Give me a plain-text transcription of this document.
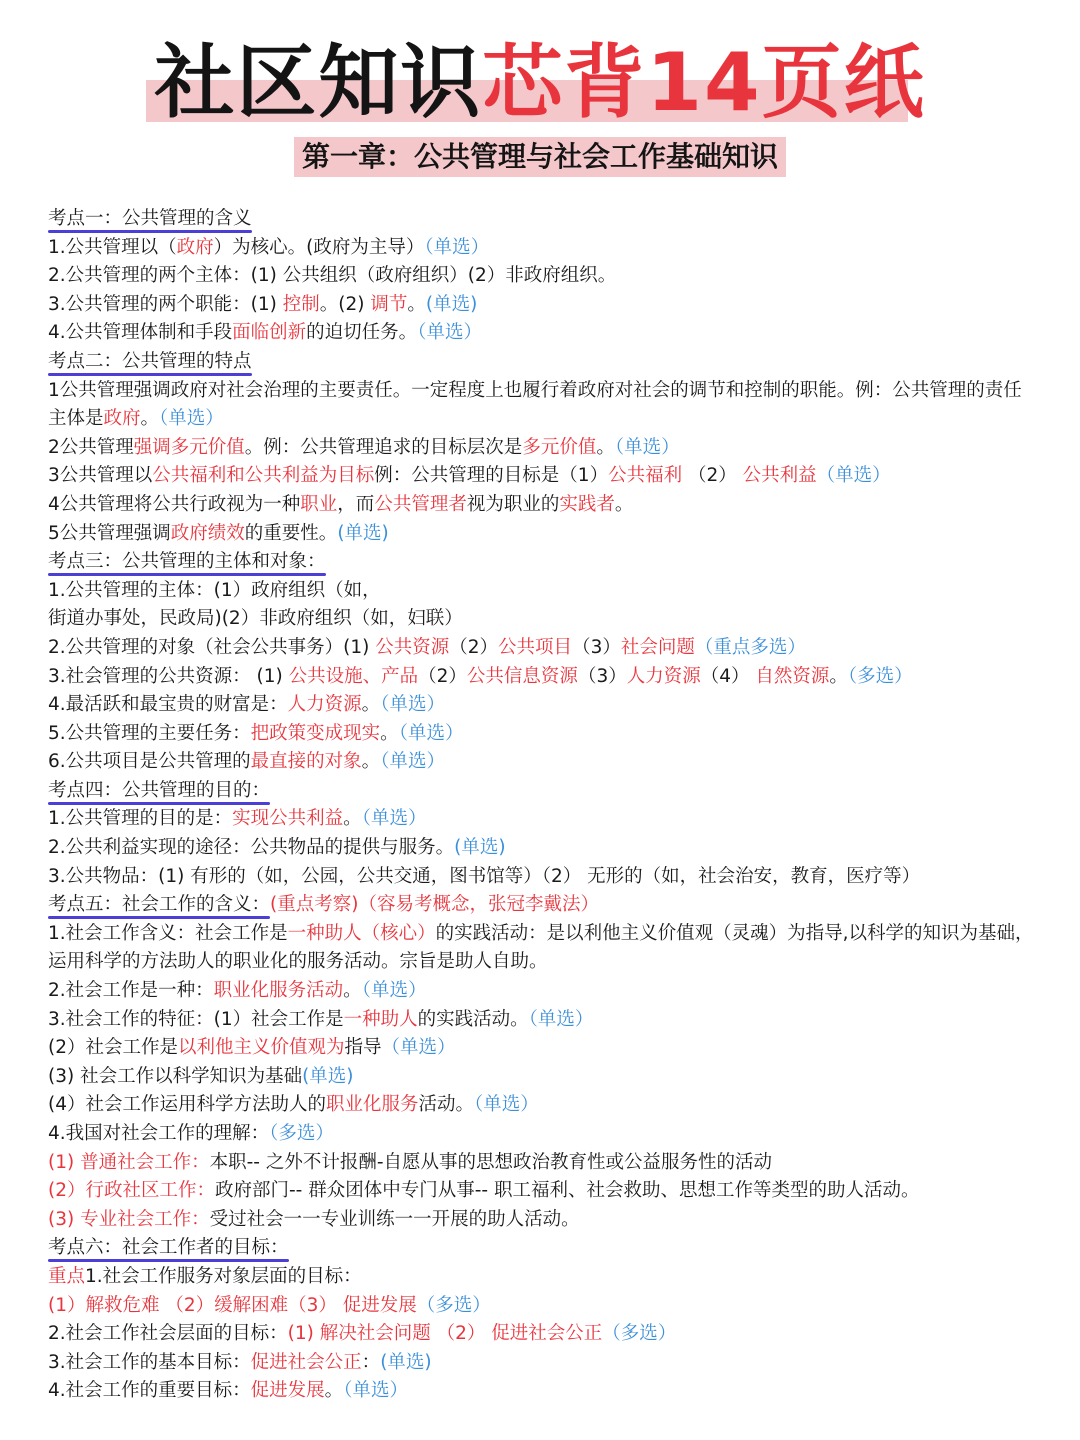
社区知识芯背14页纸
第一章：公共管理与社会工作基础知识
考点一：公共管理的含义
1.公共管理以（政府）为核心。(政府为主导）（单选）
2.公共管理的两个主体：(1) 公共组织（政府组织）(2）非政府组织。
3.公共管理的两个职能：(1) 控制。(2) 调节。(单选)
4.公共管理体制和手段面临创新的迫切任务。（单选）
考点二：公共管理的特点
1公共管理强调政府对社会治理的主要责任。一定程度上也履行着政府对社会的调节和控制的职能。例：公共管理的责任主体是政府。（单选）
2公共管理强调多元价值。例：公共管理追求的目标层次是多元价值。（单选）
3公共管理以公共福利和公共利益为目标例：公共管理的目标是（1）公共福利 （2） 公共利益（单选）
4公共管理将公共行政视为一种职业，而公共管理者视为职业的实践者。
5公共管理强调政府绩效的重要性。(单选)
考点三：公共管理的主体和对象：
1.公共管理的主体：(1）政府组织（如，
街道办事处，民政局)(2）非政府组织（如，妇联）
2.公共管理的对象（社会公共事务）(1) 公共资源（2）公共项目（3）社会问题（重点多选）
3.社会管理的公共资源： (1) 公共设施、产品（2）公共信息资源（3）人力资源（4） 自然资源。（多选）
4.最活跃和最宝贵的财富是：人力资源。（单选）
5.公共管理的主要任务：把政策变成现实。（单选）
6.公共项目是公共管理的最直接的对象。（单选）
考点四：公共管理的目的：
1.公共管理的目的是：实现公共利益。（单选）
2.公共利益实现的途径：公共物品的提供与服务。(单选)
3.公共物品：(1) 有形的（如，公园，公共交通，图书馆等）（2） 无形的（如，社会治安，教育，医疗等）
考点五：社会工作的含义：
(重点考察)（容易考概念，张冠李戴法）
1.社会工作含义：社会工作是一种助人（核心）的实践活动：是以利他主义价值观（灵魂）为指导,以科学的知识为基础，运用科学的方法助人的职业化的服务活动。宗旨是助人自助。
2.社会工作是一种：职业化服务活动。（单选）
3.社会工作的特征：(1）社会工作是一种助人的实践活动。（单选）
(2）社会工作是以利他主义价值观为指导（单选）
(3) 社会工作以科学知识为基础(单选)
(4）社会工作运用科学方法助人的职业化服务活动。（单选）
4.我国对社会工作的理解：（多选）
(1) 普通社会工作：本职-- 之外不计报酬-自愿从事的思想政治教育性或公益服务性的活动
(2）行政社区工作：政府部门-- 群众团体中专门从事-- 职工福利、社会救助、思想工作等类型的助人活动。
(3) 专业社会工作：受过社会一一专业训练一一开展的助人活动。
考点六：社会工作者的目标：
重点1.社会工作服务对象层面的目标：
(1）解救危难 （2）缓解困难（3） 促进发展（多选）
2.社会工作社会层面的目标：(1) 解决社会问题 （2） 促进社会公正（多选）
3.社会工作的基本目标：促进社会公正：(单选)
4.社会工作的重要目标：促进发展。（单选）
